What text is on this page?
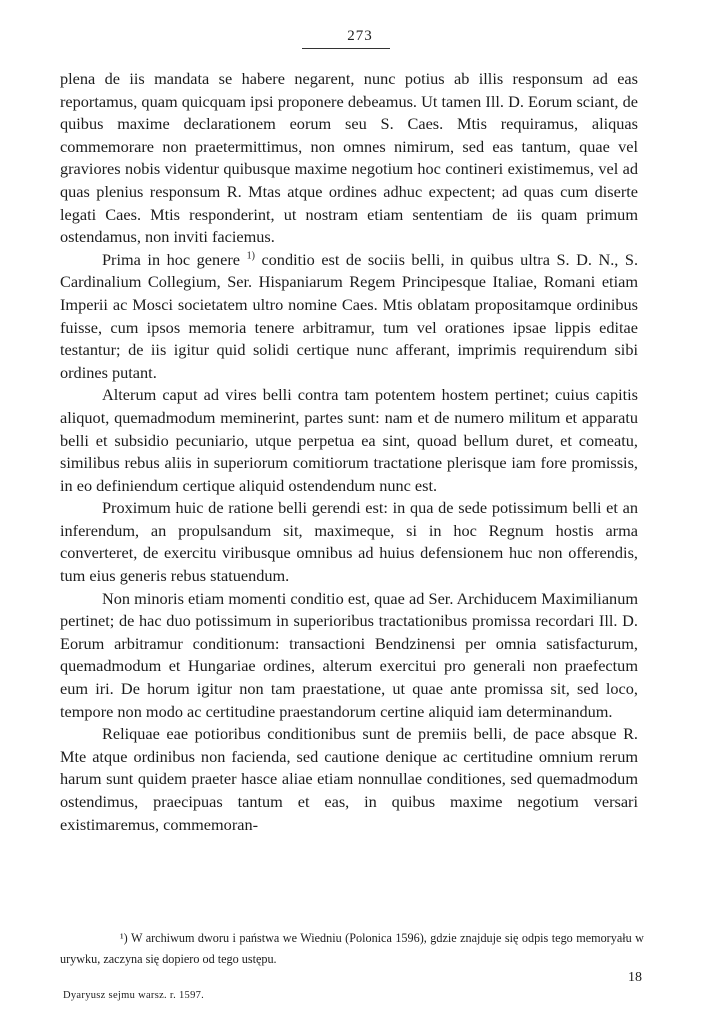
273

plena de iis mandata se habere negarent, nunc potius ab illis responsum ad eas reportamus, quam quicquam ipsi proponere debeamus. Ut tamen Ill. D. Eorum sciant, de quibus maxime declarationem eorum seu S. Caes. Mtis requiramus, aliquas commemorare non praetermittimus, non omnes nimirum, sed eas tantum, quae vel graviores nobis videntur quibusque maxime negotium hoc contineri existimemus, vel ad quas plenius responsum R. Mtas atque ordines adhuc expectent; ad quas cum diserte legati Caes. Mtis responderint, ut nostram etiam sententiam de iis quam primum ostendamus, non inviti faciemus.

Prima in hoc genere $^{1)}$ conditio est de sociis belli, in quibus ultra S. D. N., S. Cardinalium Collegium, Ser. Hispaniarum Regem Principesque Italiae, Romani etiam Imperii ac Mosci societatem ultro nomine Caes. Mtis oblatam propositamque ordinibus fuisse, cum ipsos memoria tenere arbitramur, tum vel orationes ipsae lippis editae testantur; de iis igitur quid solidi certique nunc afferant, imprimis requirendum sibi ordines putant.

Alterum caput ad vires belli contra tam potentem hostem pertinet; cuius capitis aliquot, quemadmodum meminerint, partes sunt: nam et de numero militum et apparatu belli et subsidio pecuniario, utque perpetua ea sint, quoad bellum duret, et comeatu, similibus rebus aliis in superiorum comitiorum tractatione plerisque iam fore promissis, in eo definiendum certique aliquid ostendendum nunc est.

Proximum huic de ratione belli gerendi est: in qua de sede potissimum belli et an inferendum, an propulsandum sit, maximeque, si in hoc Regnum hostis arma converteret, de exercitu viribusque omnibus ad huius defensionem huc non offerendis, tum eius generis rebus statuendum.

Non minoris etiam momenti conditio est, quae ad Ser. Archiducem Maximilianum pertinet; de hac duo potissimum in superioribus tractationibus promissa recordari Ill. D. Eorum arbitramur conditionum: transactioni Bendzinensi per omnia satisfacturum, quemadmodum et Hungariae ordines, alterum exercitui pro generali non praefectum eum iri. De horum igitur non tam praestatione, ut quae ante promissa sit, sed loco, tempore non modo ac certitudine praestandorum certine aliquid iam determinandum.

Reliquae eae potioribus conditionibus sunt de premiis belli, de pace absque R. Mte atque ordinibus non facienda, sed cautione denique ac certitudine omnium rerum harum sunt quidem praeter hasce aliae etiam nonnullae conditiones, sed quemadmodum ostendimus, praecipuas tantum et eas, in quibus maxime negotium versari existimaremus, commemoran-

¹) W archiwum dworu i państwa we Wiedniu (Polonica 1596), gdzie znajduje się odpis tego memoryału w urywku, zaczyna się dopiero od tego ustępu.
18
Dyaryusz sejmu warsz. r. 1597.
